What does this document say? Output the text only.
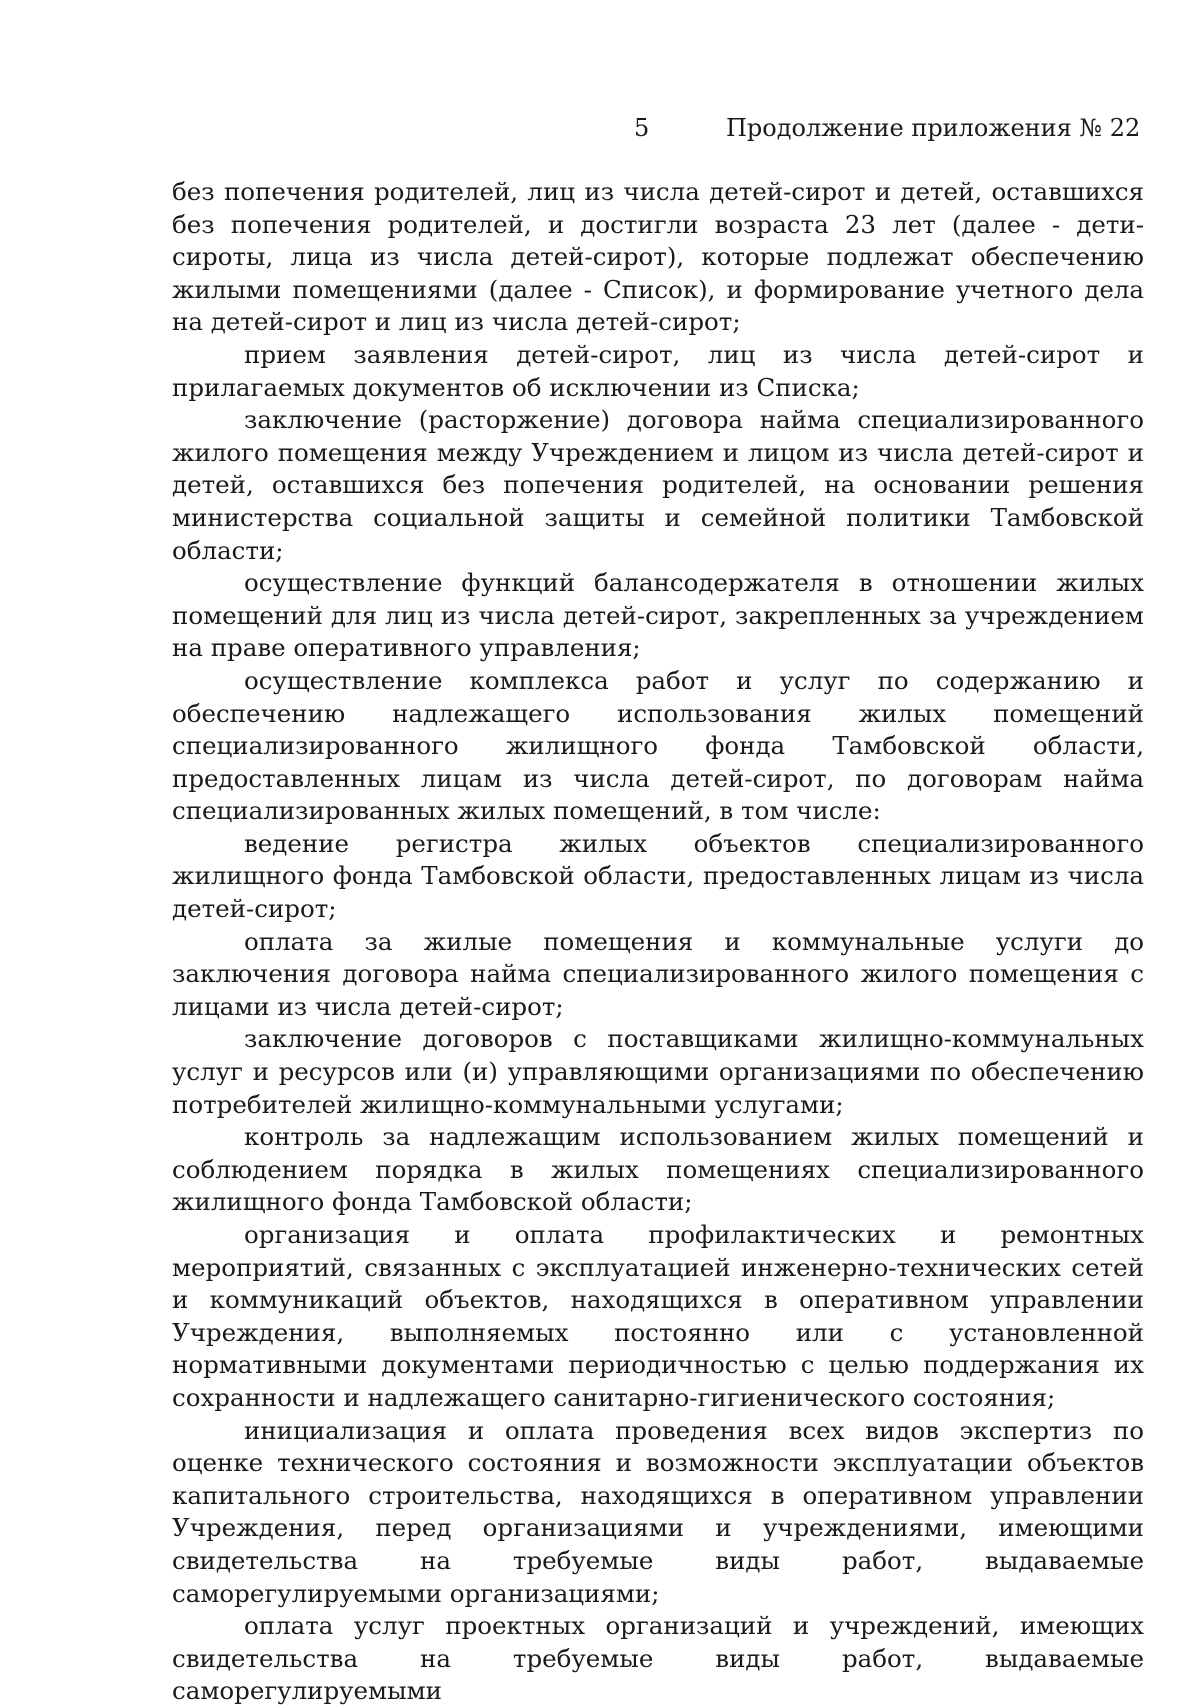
5	Продолжение приложения № 22

без попечения родителей, лиц из числа детей-сирот и детей, оставшихся без попечения родителей, и достигли возраста 23 лет (далее - дети-сироты, лица из числа детей-сирот), которые подлежат обеспечению жилыми помещениями (далее - Список), и формирование учетного дела на детей-сирот и лиц из числа детей-сирот;

прием заявления детей-сирот, лиц из числа детей-сирот и прилагаемых документов об исключении из Списка;

заключение (расторжение) договора найма специализированного жилого помещения между Учреждением и лицом из числа детей-сирот и детей, оставшихся без попечения родителей, на основании решения министерства социальной защиты и семейной политики Тамбовской области;

осуществление функций балансодержателя в отношении жилых помещений для лиц из числа детей-сирот, закрепленных за учреждением на праве оперативного управления;

осуществление комплекса работ и услуг по содержанию и обеспечению надлежащего использования жилых помещений специализированного жилищного фонда Тамбовской области, предоставленных лицам из числа детей-сирот, по договорам найма специализированных жилых помещений, в том числе:

ведение регистра жилых объектов специализированного жилищного фонда Тамбовской области, предоставленных лицам из числа детей-сирот;

оплата за жилые помещения и коммунальные услуги до заключения договора найма специализированного жилого помещения с лицами из числа детей-сирот;

заключение договоров с поставщиками жилищно-коммунальных услуг и ресурсов или (и) управляющими организациями по обеспечению потребителей жилищно-коммунальными услугами;

контроль за надлежащим использованием жилых помещений и соблюдением порядка в жилых помещениях специализированного жилищного фонда Тамбовской области;

организация и оплата профилактических и ремонтных мероприятий, связанных с эксплуатацией инженерно-технических сетей и коммуникаций объектов, находящихся в оперативном управлении Учреждения, выполняемых постоянно или с установленной нормативными документами периодичностью с целью поддержания их сохранности и надлежащего санитарно-гигиенического состояния;

инициализация и оплата проведения всех видов экспертиз по оценке технического состояния и возможности эксплуатации объектов капитального строительства, находящихся в оперативном управлении Учреждения, перед организациями и учреждениями, имеющими свидетельства на требуемые виды работ, выдаваемые саморегулируемыми организациями;

оплата услуг проектных организаций и учреждений, имеющих свидетельства на требуемые виды работ, выдаваемые саморегулируемыми
